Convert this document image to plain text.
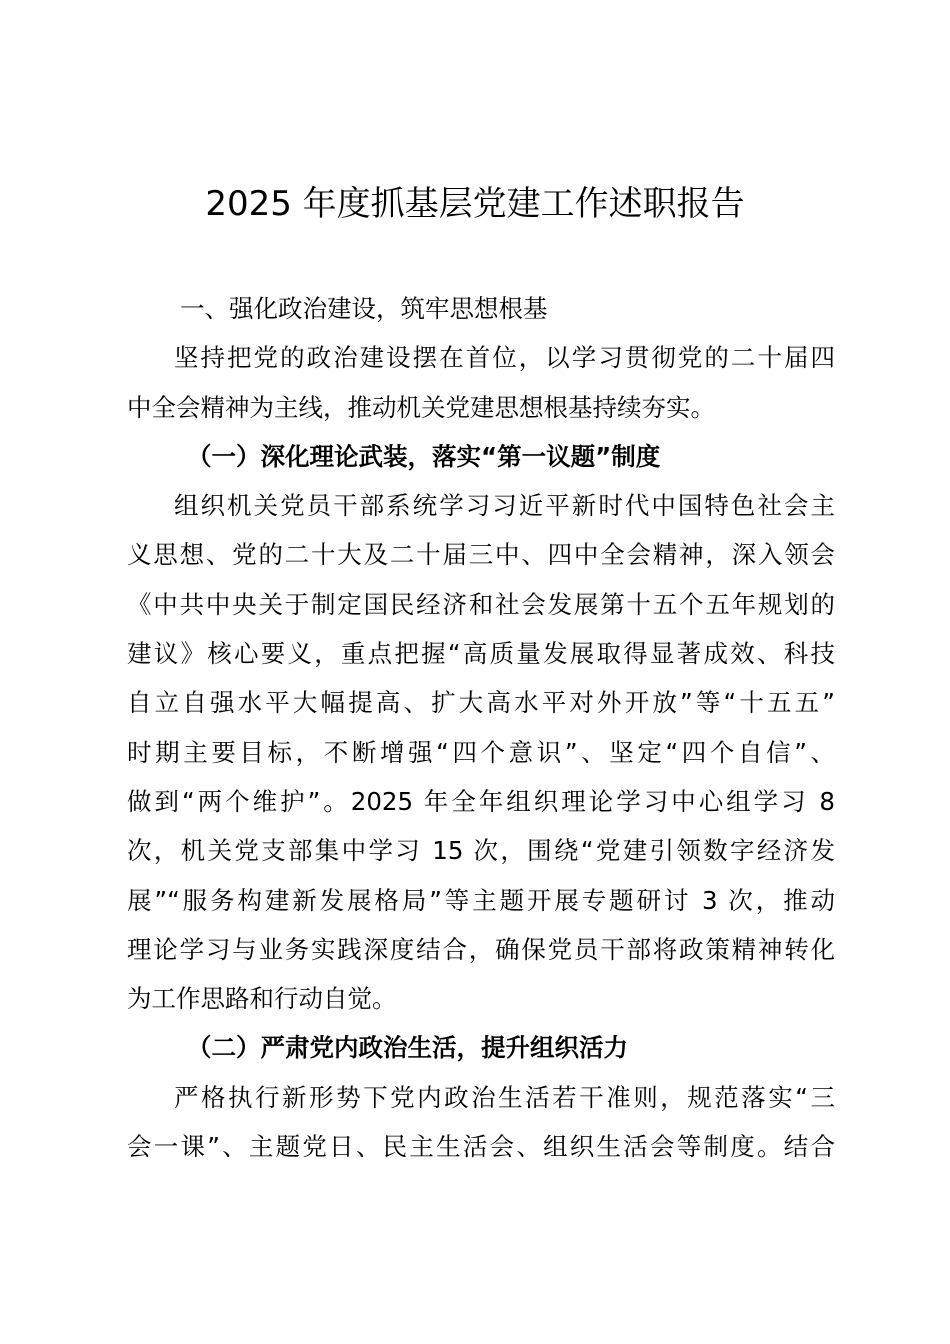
2025 年度抓基层党建工作述职报告
一、强化政治建设，筑牢思想根基
坚持把党的政治建设摆在首位，以学习贯彻党的二十届四
中全会精神为主线，推动机关党建思想根基持续夯实。
（一）深化理论武装，落实“第一议题”制度
组织机关党员干部系统学习习近平新时代中国特色社会主
义思想、党的二十大及二十届三中、四中全会精神，深入领会
《中共中央关于制定国民经济和社会发展第十五个五年规划的
建议》核心要义，重点把握“高质量发展取得显著成效、科技
自立自强水平大幅提高、扩大高水平对外开放”等“十五五”
时期主要目标，不断增强“四个意识”、坚定“四个自信”、
做到“两个维护”。2025 年全年组织理论学习中心组学习 8
次，机关党支部集中学习 15 次，围绕“党建引领数字经济发
展”“服务构建新发展格局”等主题开展专题研讨 3 次，推动
理论学习与业务实践深度结合，确保党员干部将政策精神转化
为工作思路和行动自觉。
（二）严肃党内政治生活，提升组织活力
严格执行新形势下党内政治生活若干准则，规范落实“三
会一课”、主题党日、民主生活会、组织生活会等制度。结合
